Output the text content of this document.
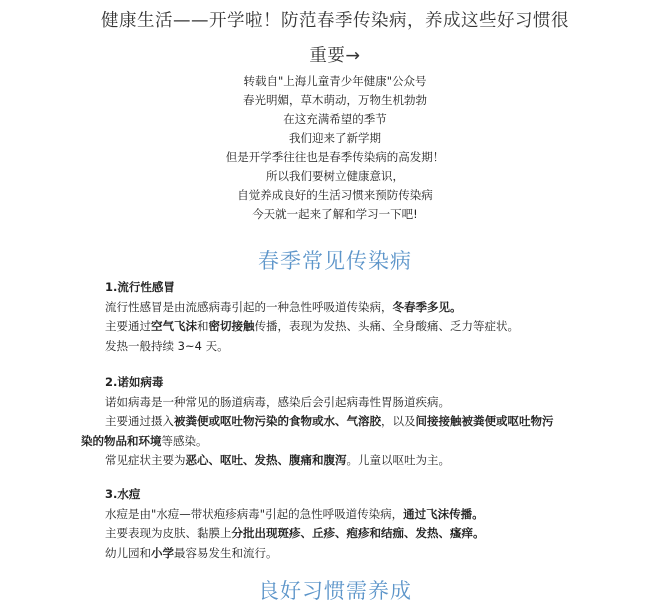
健康生活——开学啦！防范春季传染病，养成这些好习惯很
重要→
转载自"上海儿童青少年健康"公众号
春光明媚，草木萌动，万物生机勃勃
在这充满希望的季节
我们迎来了新学期
但是开学季往往也是春季传染病的高发期！
所以我们要树立健康意识，
自觉养成良好的生活习惯来预防传染病
今天就一起来了解和学习一下吧!
春季常见传染病

1.流行性感冒

流行性感冒是由流感病毒引起的一种急性呼吸道传染病，冬春季多见。

主要通过空气飞沫和密切接触传播，表现为发热、头痛、全身酸痛、乏力等症状。

发热一般持续 3~4 天。

2.诺如病毒

诺如病毒是一种常见的肠道病毒，感染后会引起病毒性胃肠道疾病。

主要通过摄入被粪便或呕吐物污染的食物或水、气溶胶，以及间接接触被粪便或呕吐物污染的物品和环境等感染。

常见症状主要为恶心、呕吐、发热、腹痛和腹泻。儿童以呕吐为主。

3.水痘

水痘是由"水痘—带状疱疹病毒"引起的急性呼吸道传染病，通过飞沫传播。

主要表现为皮肤、黏膜上分批出现斑疹、丘疹、疱疹和结痂、发热、瘙痒。

幼儿园和小学最容易发生和流行。

良好习惯需养成
